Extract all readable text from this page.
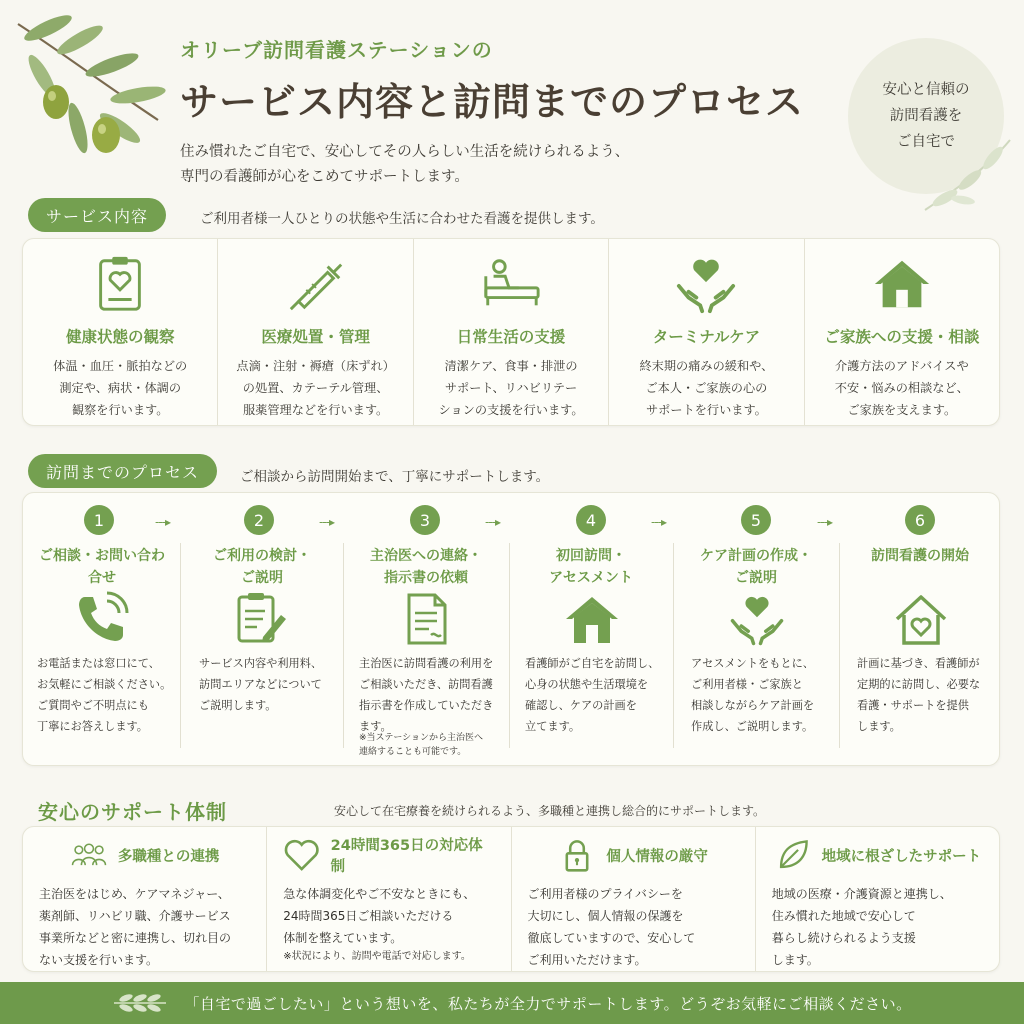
オリーブ訪問看護ステーションの
サービス内容と訪問までのプロセス
住み慣れたご自宅で、安心してその人らしい生活を続けられるよう、
専門の看護師が心をこめてサポートします。
安心と信頼の
訪問看護を
ご自宅で
サービス内容	ご利用者様一人ひとりの状態や生活に合わせた看護を提供します。
健康状態の観察
体温・血圧・脈拍などの
測定や、病状・体調の
観察を行います。
医療処置・管理
点滴・注射・褥瘡（床ずれ）
の処置、カテーテル管理、
服薬管理などを行います。
日常生活の支援
清潔ケア、食事・排泄の
サポート、リハビリテー
ションの支援を行います。
ターミナルケア
終末期の痛みの緩和や、
ご本人・ご家族の心の
サポートを行います。
ご家族への支援・相談
介護方法のアドバイスや
不安・悩みの相談など、
ご家族を支えます。
訪問までのプロセス	ご相談から訪問開始まで、丁寧にサポートします。
1
ご相談・お問い合わ
合せ
お電話または窓口にて、
お気軽にご相談ください。
ご質問やご不明点にも
丁寧にお答えします。
---▸	2
ご利用の検討・
ご説明
サービス内容や利用料、
訪問エリアなどについて
ご説明します。
---▸	3
主治医への連絡・
指示書の依頼
主治医に訪問看護の利用を
ご相談いただき、訪問看護
指示書を作成していただき
ます。
※当ステーションから主治医へ
連絡することも可能です。
---▸	4
初回訪問・
アセスメント
看護師がご自宅を訪問し、
心身の状態や生活環境を
確認し、ケアの計画を
立てます。
---▸	5
ケア計画の作成・
ご説明
アセスメントをもとに、
ご利用者様・ご家族と
相談しながらケア計画を
作成し、ご説明します。
---▸	6
訪問看護の開始
計画に基づき、看護師が
定期的に訪問し、必要な
看護・サポートを提供
します。
安心のサポート体制	安心して在宅療養を続けられるよう、多職種と連携し総合的にサポートします。
多職種との連携
主治医をはじめ、ケアマネジャー、
薬剤師、リハビリ職、介護サービス
事業所などと密に連携し、切れ目の
ない支援を行います。
24時間365日の対応体制
急な体調変化やご不安なときにも、
24時間365日ご相談いただける
体制を整えています。
※状況により、訪問や電話で対応します。
個人情報の厳守
ご利用者様のプライバシーを
大切にし、個人情報の保護を
徹底していますので、安心して
ご利用いただけます。
地域に根ざしたサポート
地域の医療・介護資源と連携し、
住み慣れた地域で安心して
暮らし続けられるよう支援
します。
「自宅で過ごしたい」という想いを、私たちが全力でサポートします。どうぞお気軽にご相談ください。
